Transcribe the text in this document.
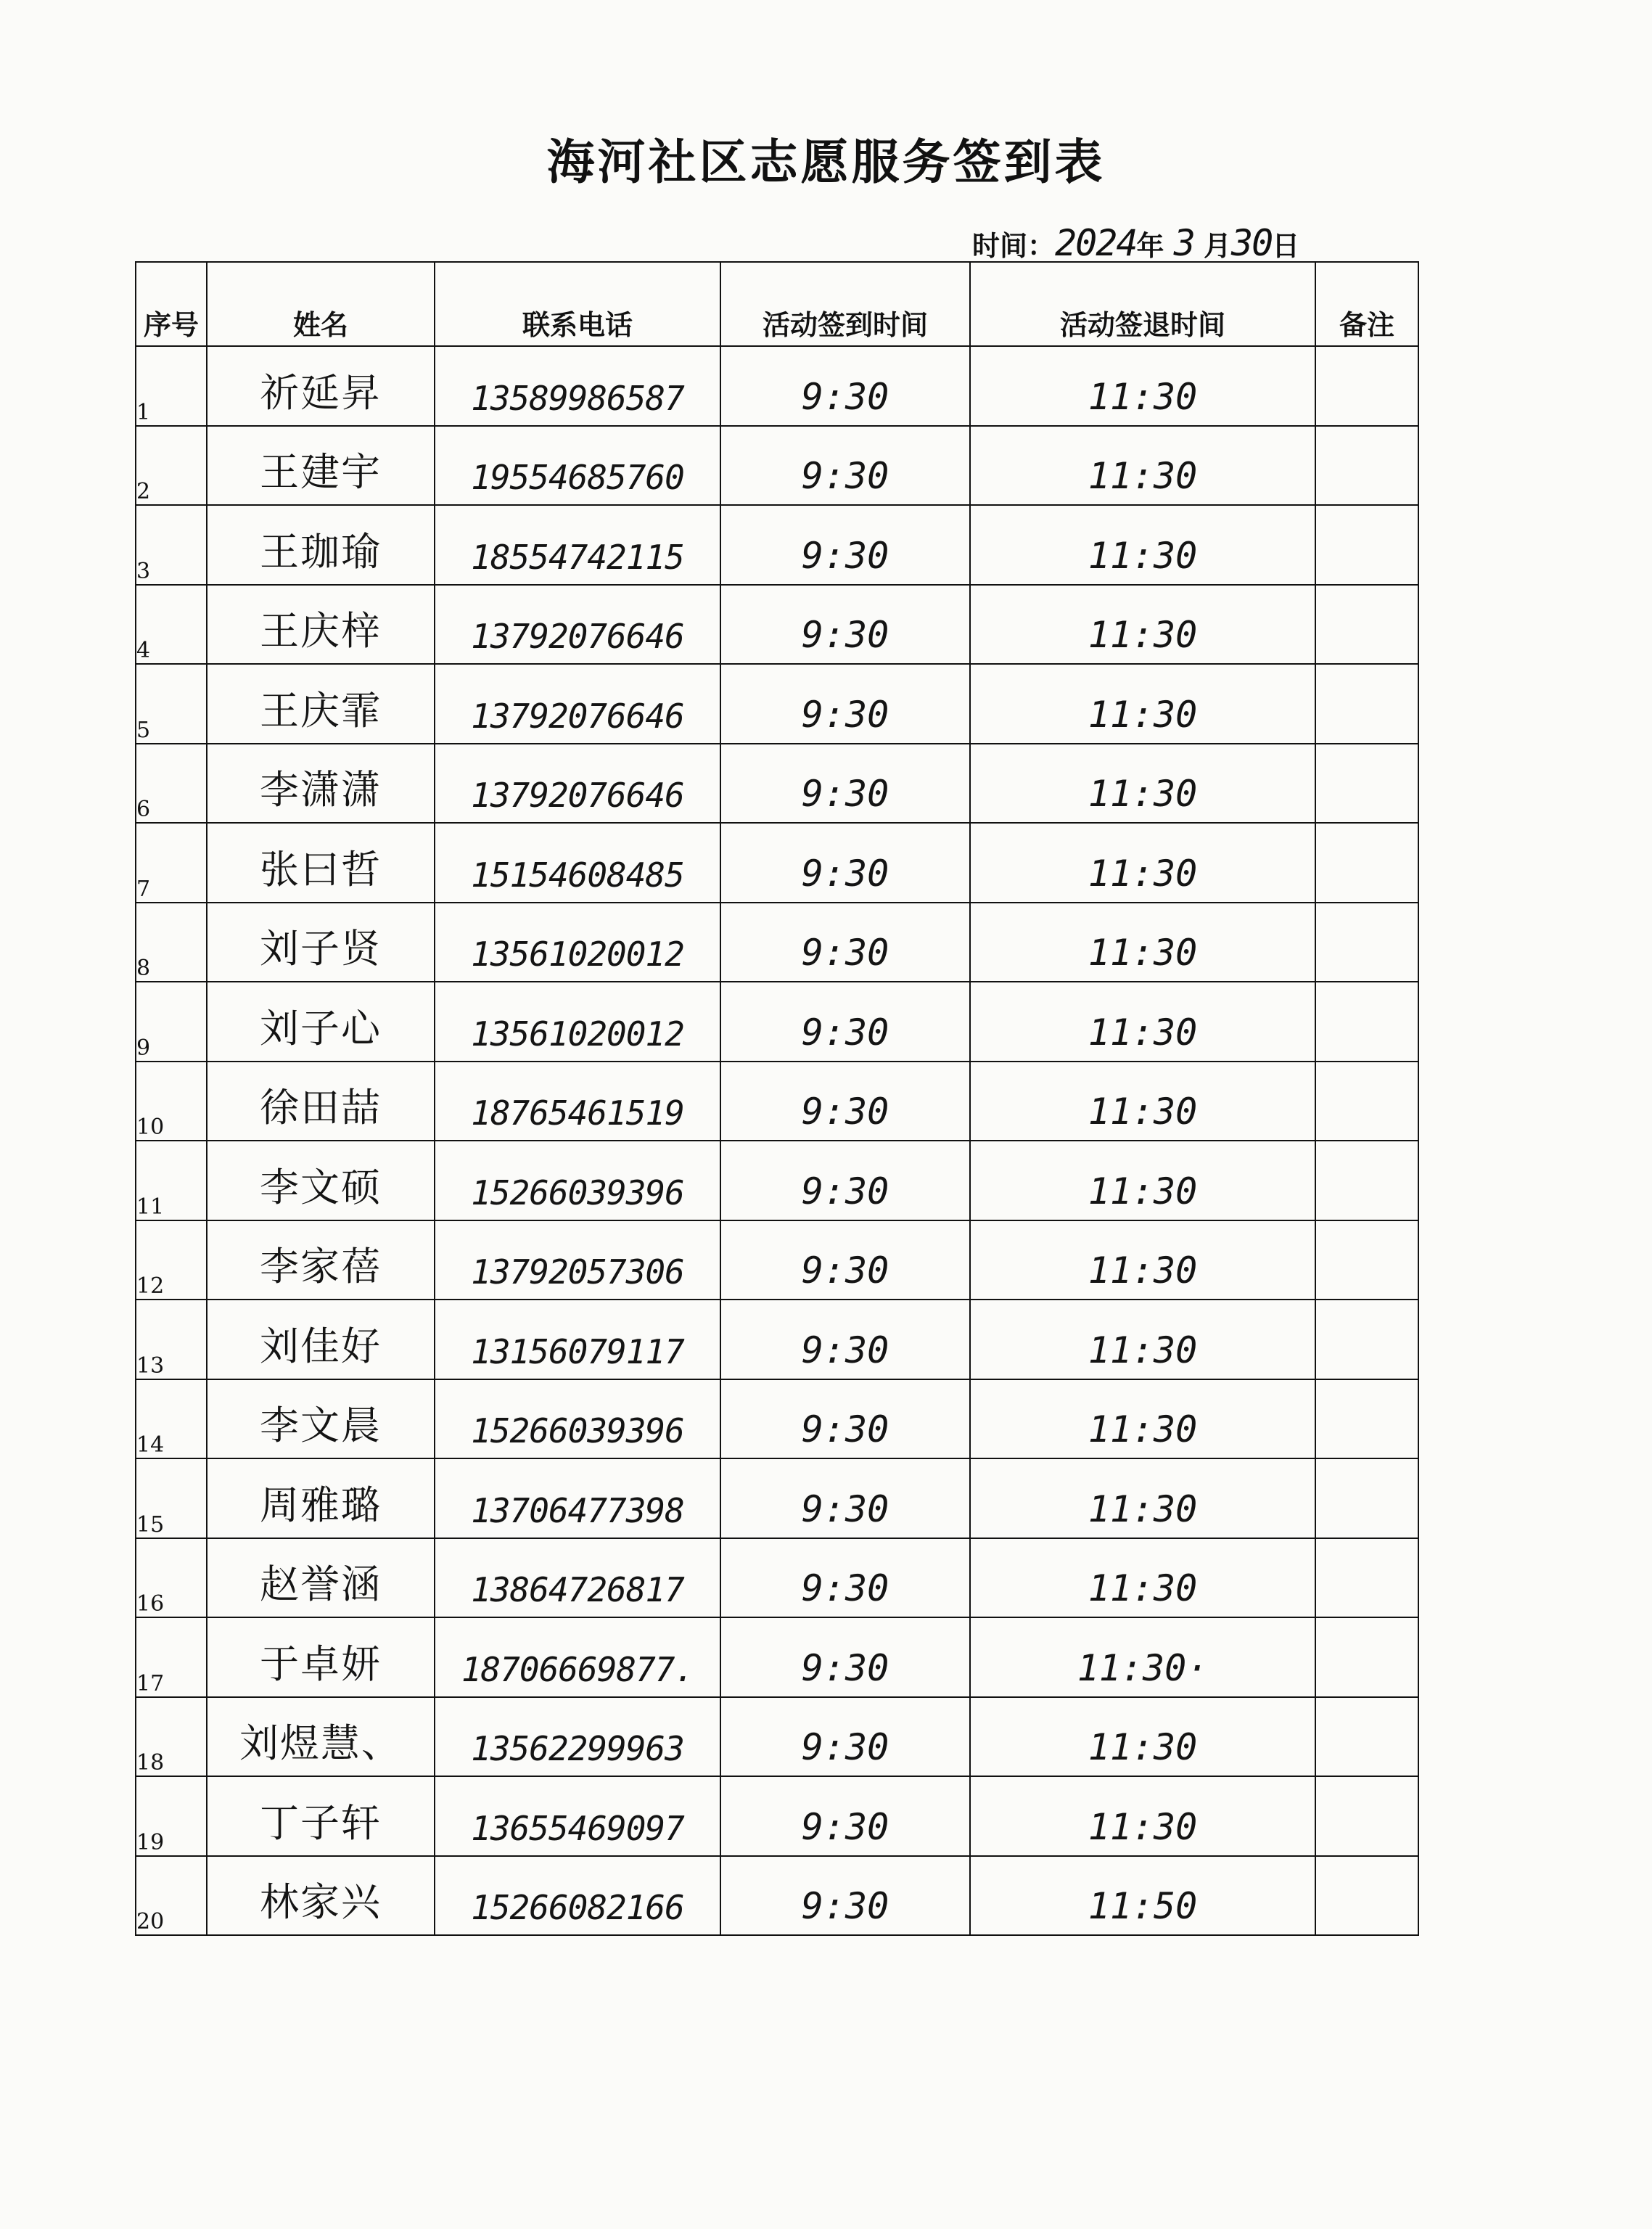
海河社区志愿服务签到表
时间：2024年 3 月30日
序号	姓名	联系电话	活动签到时间	活动签退时间	备注
1	祈延昇	13589986587	9:30	11:30	

2	王建宇	19554685760	9:30	11:30	

3	王珈瑜	18554742115	9:30	11:30	

4	王庆梓	13792076646	9:30	11:30	

5	王庆霏	13792076646	9:30	11:30	

6	李潇潇	13792076646	9:30	11:30	

7	张曰哲	15154608485	9:30	11:30	

8	刘子贤	13561020012	9:30	11:30	

9	刘子心	13561020012	9:30	11:30	

10	徐田喆	18765461519	9:30	11:30	

11	李文硕	15266039396	9:30	11:30	

12	李家蓓	13792057306	9:30	11:30	

13	刘佳好	13156079117	9:30	11:30	

14	李文晨	15266039396	9:30	11:30	

15	周雅璐	13706477398	9:30	11:30	

16	赵誉涵	13864726817	9:30	11:30	

17	于卓妍	18706669877.	9:30	11:30·	

18	刘煜慧、	13562299963	9:30	11:30	

19	丁子轩	13655469097	9:30	11:30	

20	林家兴	15266082166	9:30	11:50	
